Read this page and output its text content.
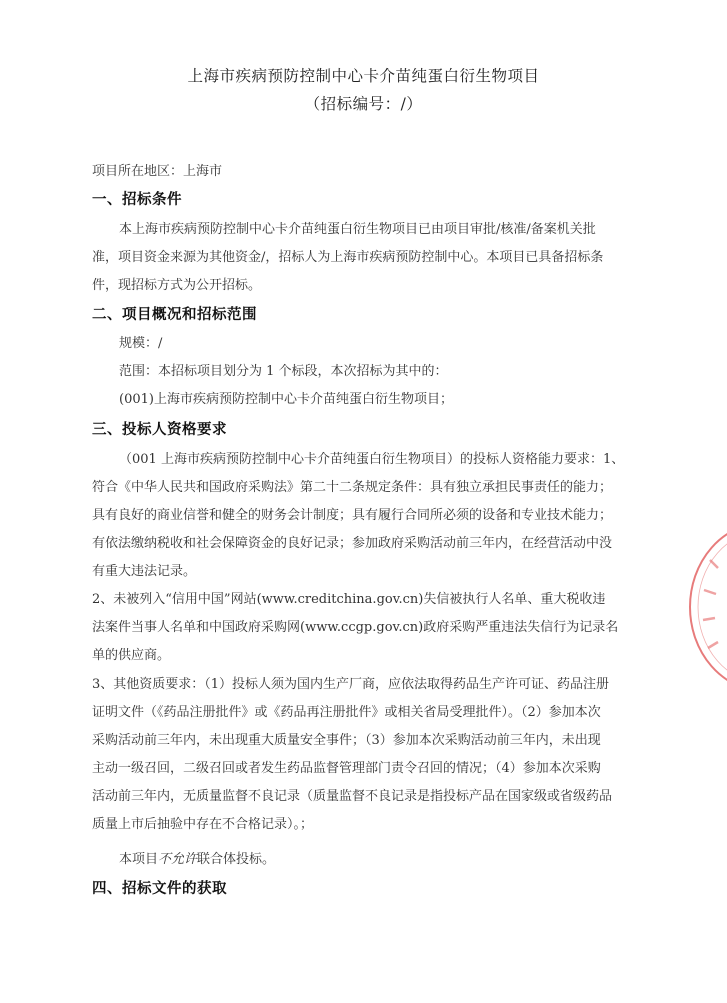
上海市疾病预防控制中心卡介苗纯蛋白衍生物项目
（招标编号：/）
项目所在地区：上海市
一、招标条件
本上海市疾病预防控制中心卡介苗纯蛋白衍生物项目已由项目审批/核准/备案机关批
准，项目资金来源为其他资金/，招标人为上海市疾病预防控制中心。本项目已具备招标条
件，现招标方式为公开招标。
二、项目概况和招标范围
规模：/
范围：本招标项目划分为 1 个标段，本次招标为其中的：
(001)上海市疾病预防控制中心卡介苗纯蛋白衍生物项目；
三、投标人资格要求
（001 上海市疾病预防控制中心卡介苗纯蛋白衍生物项目）的投标人资格能力要求：1、
符合《中华人民共和国政府采购法》第二十二条规定条件：具有独立承担民事责任的能力；
具有良好的商业信誉和健全的财务会计制度；具有履行合同所必须的设备和专业技术能力；
有依法缴纳税收和社会保障资金的良好记录；参加政府采购活动前三年内，在经营活动中没
有重大违法记录。
2、未被列入“信用中国”网站(www.creditchina.gov.cn)失信被执行人名单、重大税收违
法案件当事人名单和中国政府采购网(www.ccgp.gov.cn)政府采购严重违法失信行为记录名
单的供应商。
3、其他资质要求：（1）投标人须为国内生产厂商，应依法取得药品生产许可证、药品注册
证明文件（《药品注册批件》或《药品再注册批件》或相关省局受理批件）。（2）参加本次
采购活动前三年内，未出现重大质量安全事件；（3）参加本次采购活动前三年内，未出现
主动一级召回，二级召回或者发生药品监督管理部门责令召回的情况；（4）参加本次采购
活动前三年内，无质量监督不良记录（质量监督不良记录是指投标产品在国家级或省级药品
质量上市后抽验中存在不合格记录）。；
本项目不允许联合体投标。
四、招标文件的获取
